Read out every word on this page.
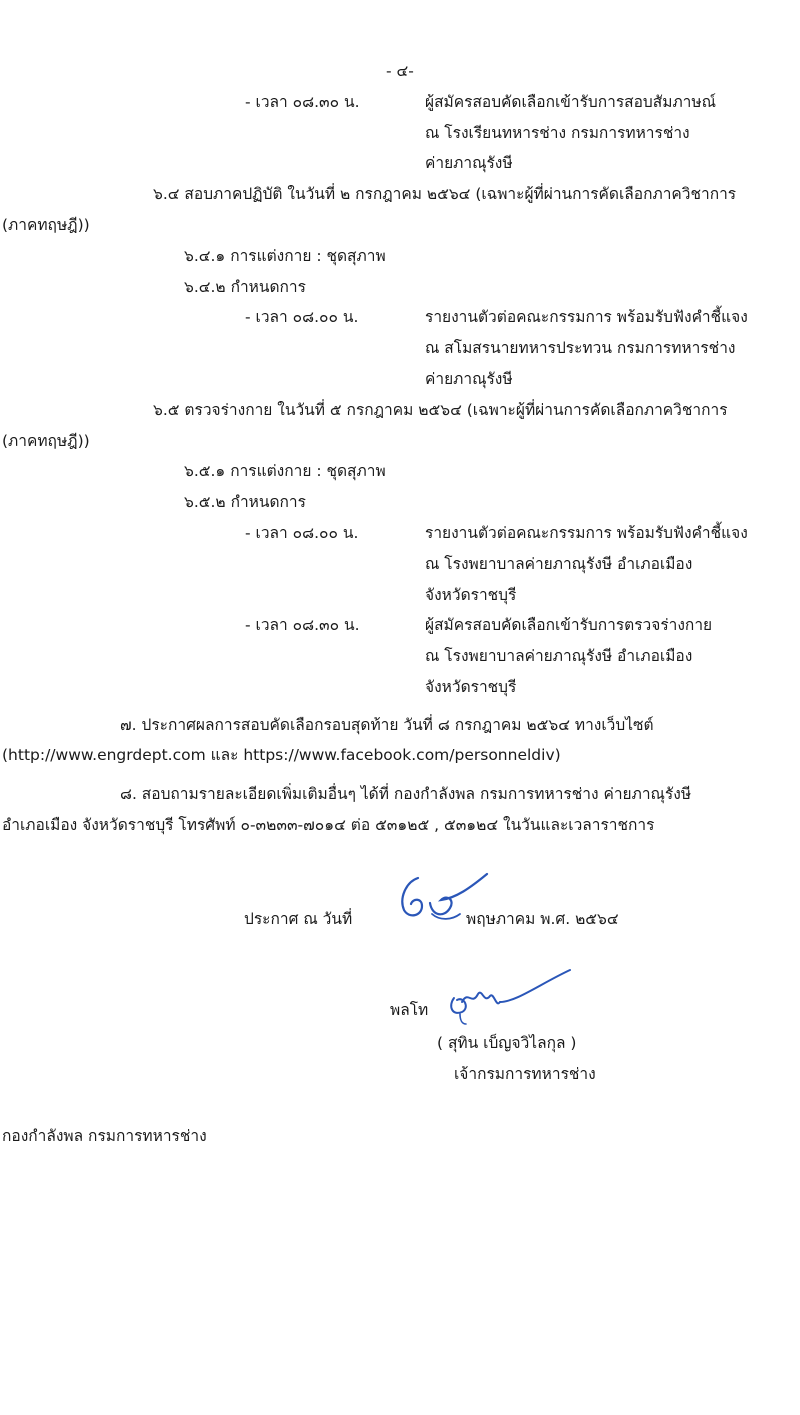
- ๔-
- เวลา ๐๘.๓๐ น.	ผู้สมัครสอบคัดเลือกเข้ารับการสอบสัมภาษณ์
ณ โรงเรียนทหารช่าง กรมการทหารช่าง
ค่ายภาณุรังษี
๖.๔ สอบภาคปฏิบัติ ในวันที่ ๒ กรกฎาคม ๒๕๖๔ (เฉพาะผู้ที่ผ่านการคัดเลือกภาควิชาการ
(ภาคทฤษฎี))
๖.๔.๑ การแต่งกาย : ชุดสุภาพ
๖.๔.๒ กำหนดการ
- เวลา ๐๘.๐๐ น.	รายงานตัวต่อคณะกรรมการ พร้อมรับฟังคำชี้แจง
ณ สโมสรนายทหารประทวน กรมการทหารช่าง
ค่ายภาณุรังษี
๖.๕ ตรวจร่างกาย ในวันที่ ๕ กรกฎาคม ๒๕๖๔ (เฉพาะผู้ที่ผ่านการคัดเลือกภาควิชาการ
(ภาคทฤษฎี))
๖.๕.๑ การแต่งกาย : ชุดสุภาพ
๖.๕.๒ กำหนดการ
- เวลา ๐๘.๐๐ น.	รายงานตัวต่อคณะกรรมการ พร้อมรับฟังคำชี้แจง
ณ โรงพยาบาลค่ายภาณุรังษี อำเภอเมือง
จังหวัดราชบุรี
- เวลา ๐๘.๓๐ น.	ผู้สมัครสอบคัดเลือกเข้ารับการตรวจร่างกาย
ณ โรงพยาบาลค่ายภาณุรังษี อำเภอเมือง
จังหวัดราชบุรี
๗. ประกาศผลการสอบคัดเลือกรอบสุดท้าย วันที่ ๘ กรกฎาคม ๒๕๖๔ ทางเว็บไซต์
(http://www.engrdept.com และ https://www.facebook.com/personneldiv)
๘. สอบถามรายละเอียดเพิ่มเติมอื่นๆ ได้ที่ กองกำลังพล กรมการทหารช่าง ค่ายภาณุรังษี
อำเภอเมือง จังหวัดราชบุรี โทรศัพท์ ๐-๓๒๓๓-๗๐๑๔ ต่อ ๕๓๑๒๕ , ๕๓๑๒๔ ในวันและเวลาราชการ
ประกาศ ณ วันที่	พฤษภาคม พ.ศ. ๒๕๖๔
พลโท
( สุทิน เบ็ญจวิไลกุล )
เจ้ากรมการทหารช่าง
กองกำลังพล กรมการทหารช่าง
